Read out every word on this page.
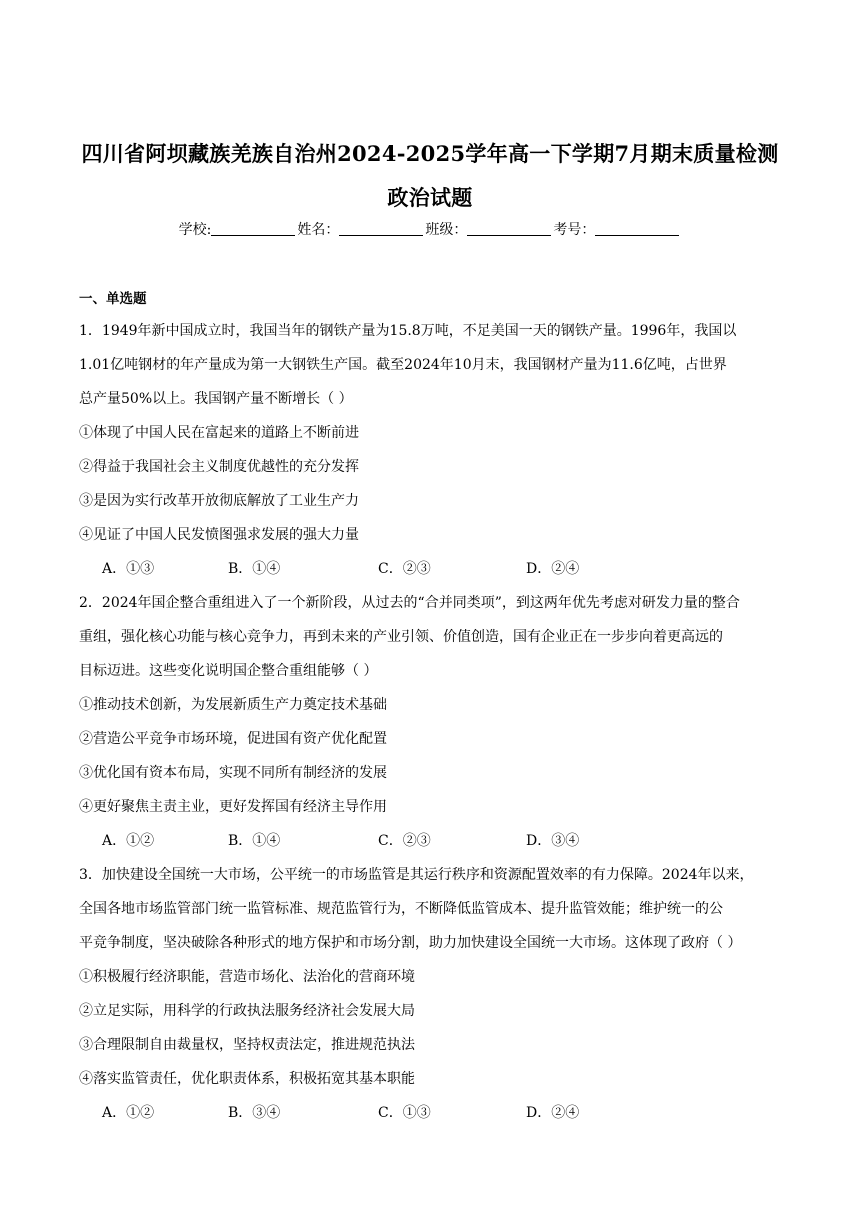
四川省阿坝藏族羌族自治州2024-2025学年高一下学期7月期末质量检测
政治试题
学校:	姓名：	班级：	考号：
一、单选题
1．1949年新中国成立时，我国当年的钢铁产量为15.8万吨，不足美国一天的钢铁产量。1996年，我国以
1.01亿吨钢材的年产量成为第一大钢铁生产国。截至2024年10月末，我国钢材产量为11.6亿吨，占世界
总产量50%以上。我国钢产量不断增长（ ）
①体现了中国人民在富起来的道路上不断前进
②得益于我国社会主义制度优越性的充分发挥
③是因为实行改革开放彻底解放了工业生产力
④见证了中国人民发愤图强求发展的强大力量
A．①③	B．①④	C．②③	D．②④
2．2024年国企整合重组进入了一个新阶段，从过去的“合并同类项”，到这两年优先考虑对研发力量的整合
重组，强化核心功能与核心竞争力，再到未来的产业引领、价值创造，国有企业正在一步步向着更高远的
目标迈进。这些变化说明国企整合重组能够（ ）
①推动技术创新，为发展新质生产力奠定技术基础
②营造公平竞争市场环境，促进国有资产优化配置
③优化国有资本布局，实现不同所有制经济的发展
④更好聚焦主责主业，更好发挥国有经济主导作用
A．①②	B．①④	C．②③	D．③④
3．加快建设全国统一大市场，公平统一的市场监管是其运行秩序和资源配置效率的有力保障。2024年以来，
全国各地市场监管部门统一监管标准、规范监管行为，不断降低监管成本、提升监管效能；维护统一的公
平竞争制度，坚决破除各种形式的地方保护和市场分割，助力加快建设全国统一大市场。这体现了政府（ ）
①积极履行经济职能，营造市场化、法治化的营商环境
②立足实际，用科学的行政执法服务经济社会发展大局
③合理限制自由裁量权，坚持权责法定，推进规范执法
④落实监管责任，优化职责体系，积极拓宽其基本职能
A．①②	B．③④	C．①③	D．②④
